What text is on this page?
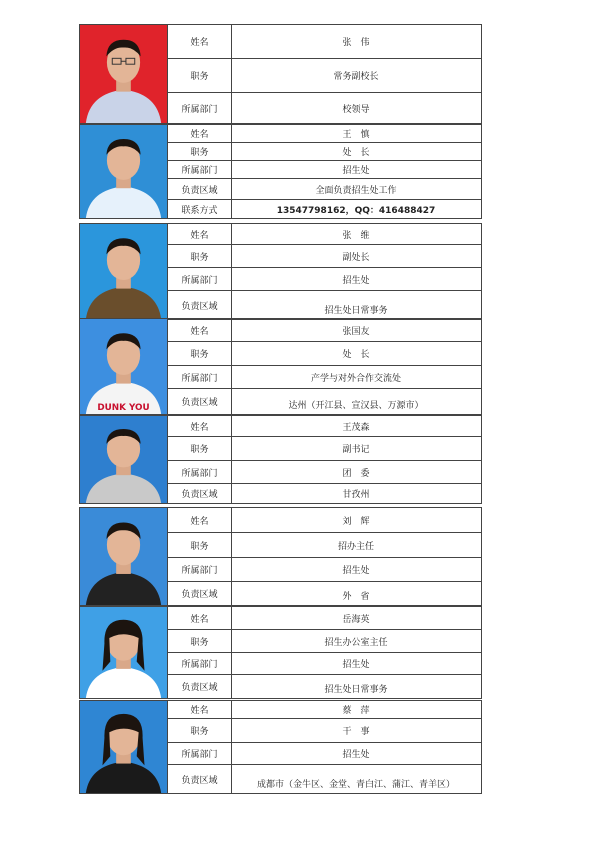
姓名	张　伟
职务	常务副校长
所属部门	校领导
姓名	王　慎
职务	处　长
所属部门	招生处
负责区域	全面负责招生处工作
联系方式	13547798162，QQ：416488427
姓名	张　维
职务	副处长
所属部门	招生处
负责区域	招生处日常事务
DUNK YOU
姓名	张国友
职务	处　长
所属部门	产学与对外合作交流处
负责区域	达州（开江县、宣汉县、万源市）
姓名	王茂森
职务	副书记
所属部门	团　委
负责区域	甘孜州
姓名	刘　辉
职务	招办主任
所属部门	招生处
负责区域	外　省
姓名	岳海英
职务	招生办公室主任
所属部门	招生处
负责区域	招生处日常事务
姓名	蔡　萍
职务	干　事
所属部门	招生处
负责区域	成都市（金牛区、金堂、青白江、蒲江、青羊区）
